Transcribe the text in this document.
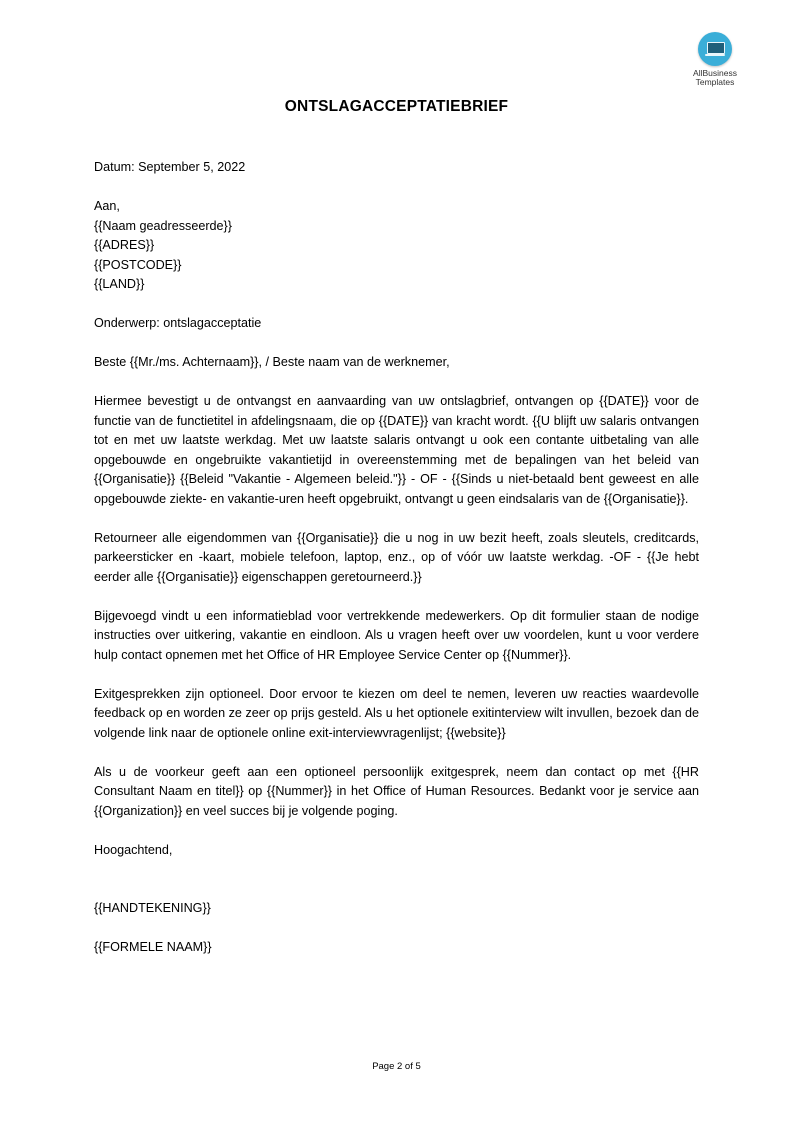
AllBusiness
Templates
ONTSLAGACCEPTATIEBRIEF

Datum: September 5, 2022

Aan,

{{Naam geadresseerde}}

{{ADRES}}

{{POSTCODE}}

{{LAND}}

Onderwerp: ontslagacceptatie

Beste {{Mr./ms. Achternaam}}, / Beste naam van de werknemer,

Hiermee bevestigt u de ontvangst en aanvaarding van uw ontslagbrief, ontvangen op {{DATE}} voor de functie van de functietitel in afdelingsnaam, die op {{DATE}} van kracht wordt. {{U blijft uw salaris ontvangen tot en met uw laatste werkdag. Met uw laatste salaris ontvangt u ook een contante uitbetaling van alle opgebouwde en ongebruikte vakantietijd in overeenstemming met de bepalingen van het beleid van {{Organisatie}} {{Beleid "Vakantie - Algemeen beleid."}} - OF - {{Sinds u niet-betaald bent geweest en alle opgebouwde ziekte- en vakantie-uren heeft opgebruikt, ontvangt u geen eindsalaris van de {{Organisatie}}.

Retourneer alle eigendommen van {{Organisatie}} die u nog in uw bezit heeft, zoals sleutels, creditcards, parkeersticker en -kaart, mobiele telefoon, laptop, enz., op of vóór uw laatste werkdag. -OF - {{Je hebt eerder alle {{Organisatie}} eigenschappen geretourneerd.}}

Bijgevoegd vindt u een informatieblad voor vertrekkende medewerkers. Op dit formulier staan de nodige instructies over uitkering, vakantie en eindloon. Als u vragen heeft over uw voordelen, kunt u voor verdere hulp contact opnemen met het Office of HR Employee Service Center op {{Nummer}}.

Exitgesprekken zijn optioneel. Door ervoor te kiezen om deel te nemen, leveren uw reacties waardevolle feedback op en worden ze zeer op prijs gesteld. Als u het optionele exitinterview wilt invullen, bezoek dan de volgende link naar de optionele online exit-interviewvragenlijst; {{website}}

Als u de voorkeur geeft aan een optioneel persoonlijk exitgesprek, neem dan contact op met {{HR Consultant Naam en titel}} op {{Nummer}} in het Office of Human Resources. Bedankt voor je service aan {{Organization}} en veel succes bij je volgende poging.

Hoogachtend,

{{HANDTEKENING}}

{{FORMELE NAAM}}

Page 2 of 5
